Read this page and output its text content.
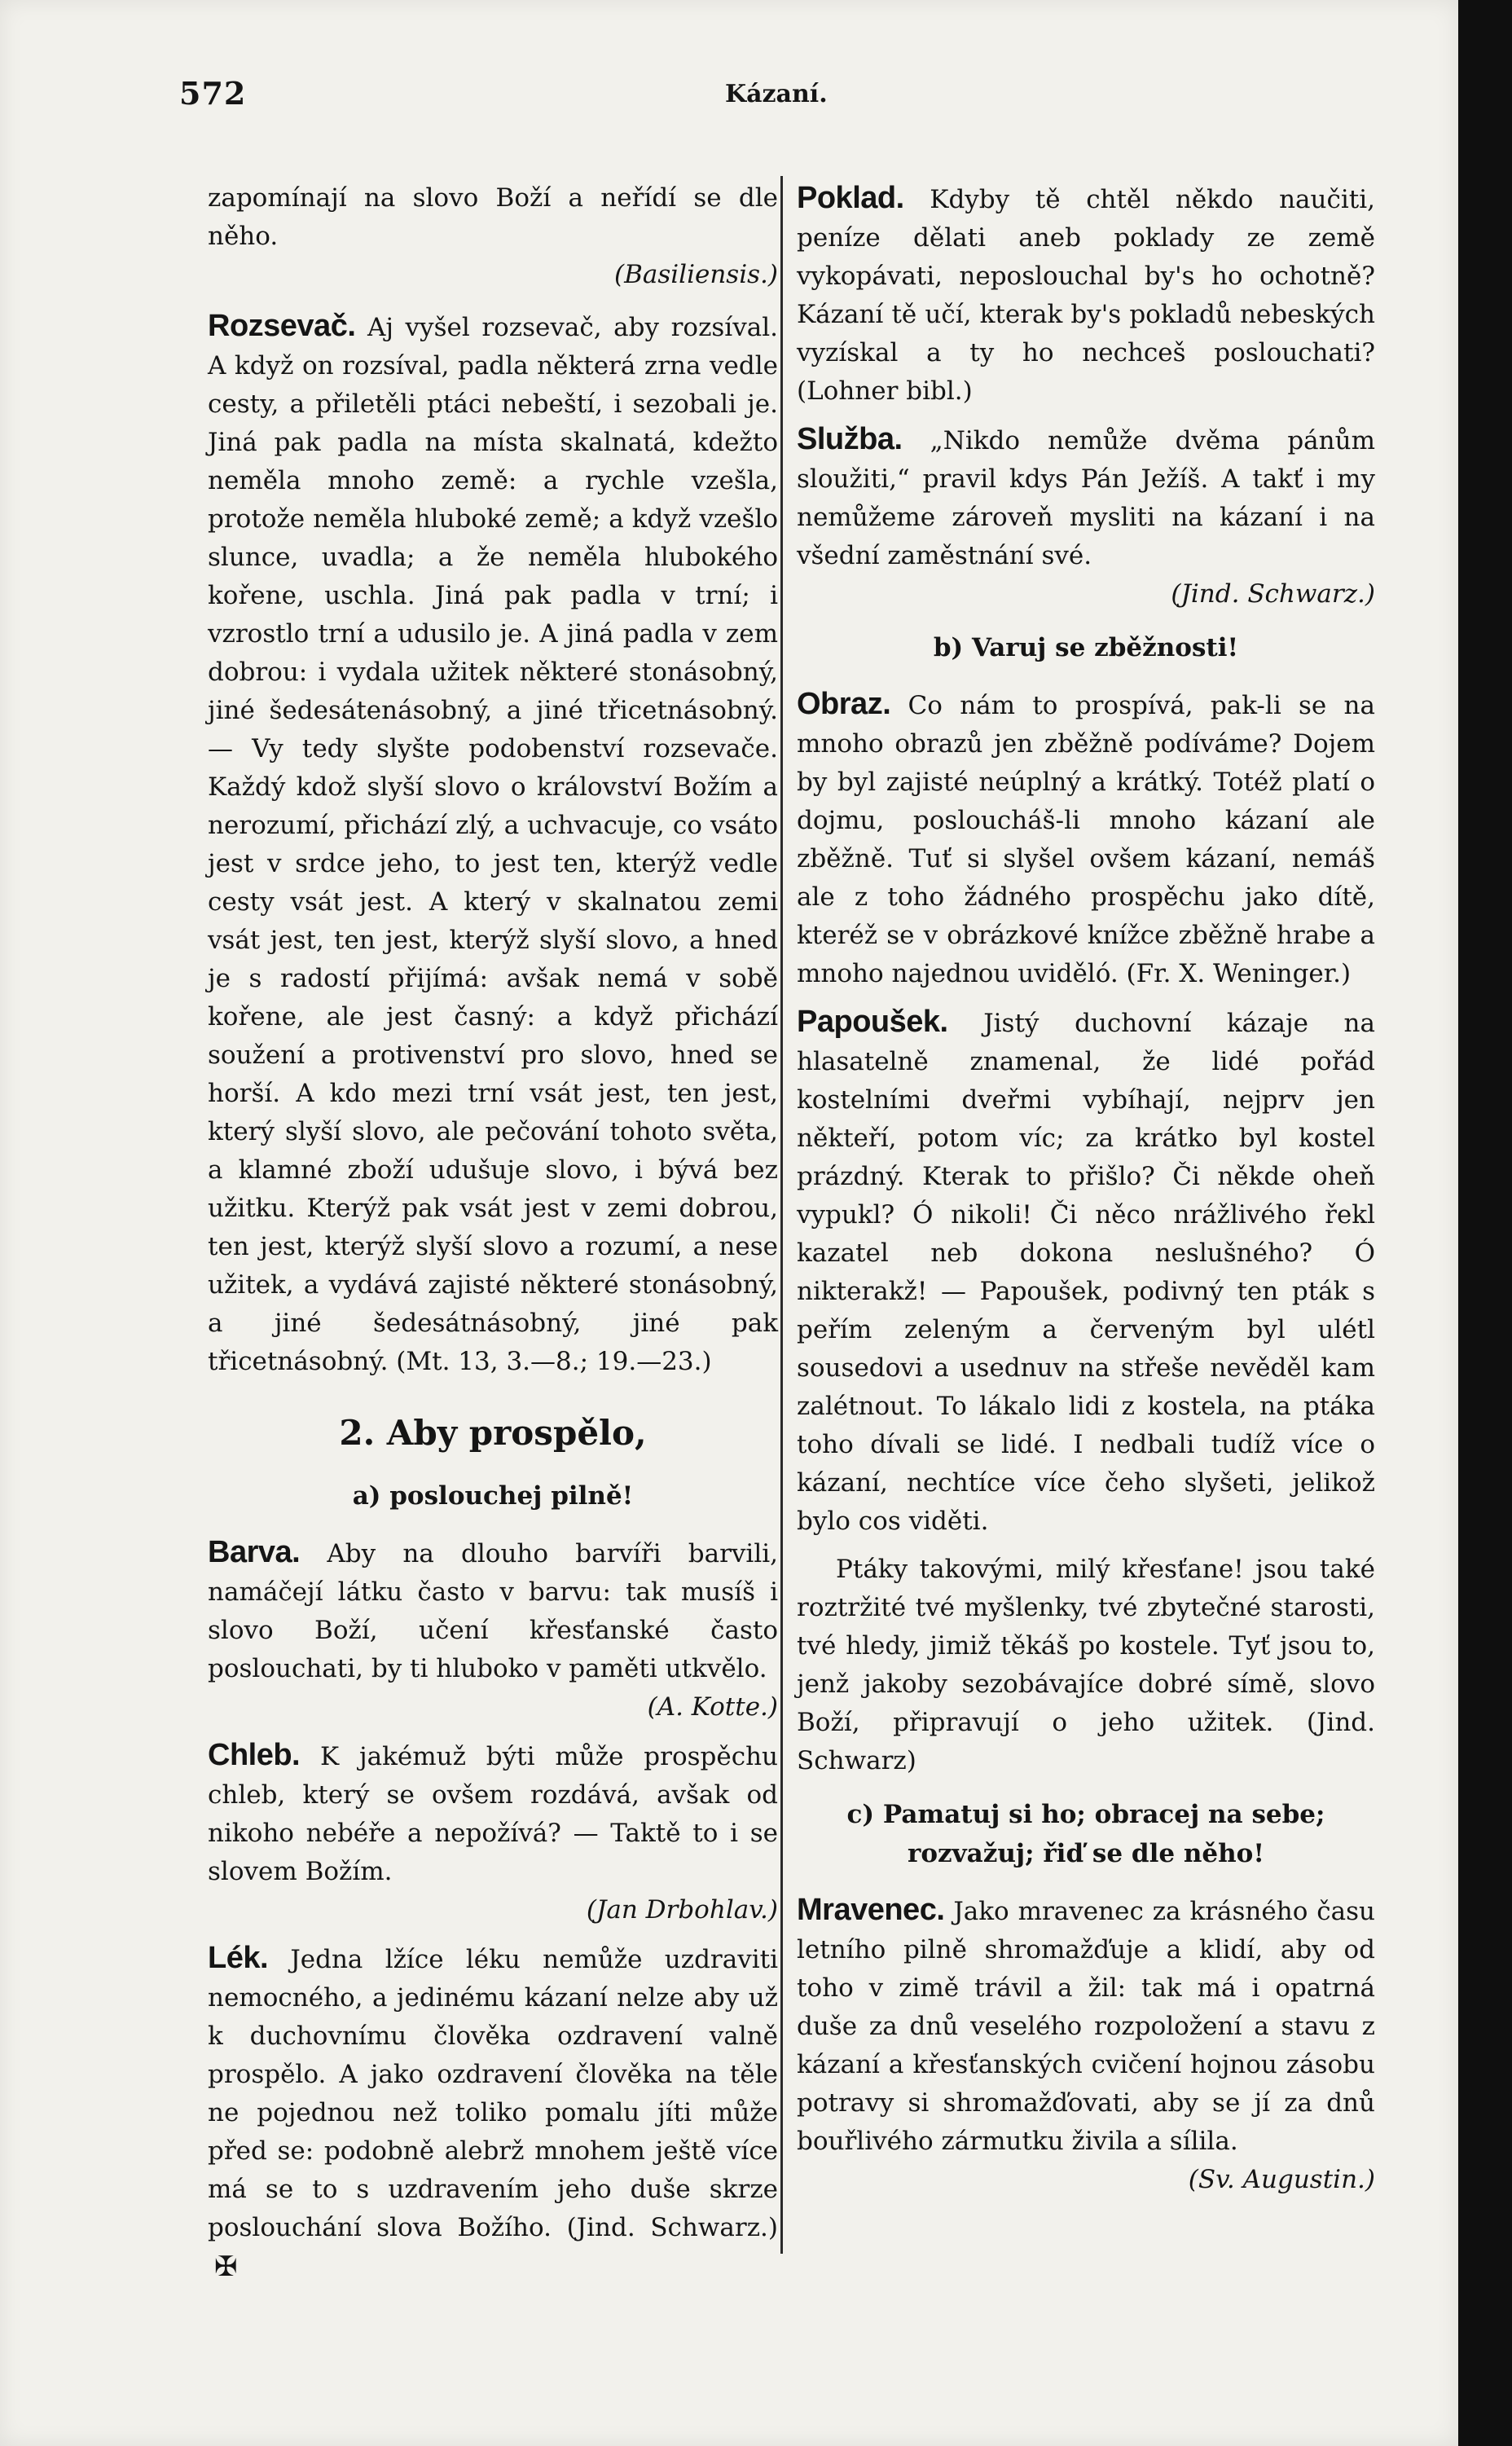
572	Kázaní.
zapomínají na slovo Boží a neřídí se dle něho.
(Basiliensis.)
Rozsevač. Aj vyšel rozsevač, aby rozsíval. A když on rozsíval, padla některá zrna vedle cesty, a přiletěli ptáci nebeští, i sezobali je. Jiná pak padla na místa skalnatá, kdežto neměla mnoho země: a rychle vzešla, protože neměla hluboké země; a když vzešlo slunce, uvadla; a že neměla hlubokého kořene, uschla. Jiná pak padla v trní; i vzrostlo trní a udusilo je. A jiná padla v zem dobrou: i vydala užitek některé stonásobný, jiné šedesátenásobný, a jiné třicetnásobný. — Vy tedy slyšte podobenství rozsevače. Každý kdož slyší slovo o království Božím a nerozumí, přichází zlý, a uchvacuje, co vsáto jest v srdce jeho, to jest ten, kterýž vedle cesty vsát jest. A který v skalnatou zemi vsát jest, ten jest, kterýž slyší slovo, a hned je s radostí přijímá: avšak nemá v sobě kořene, ale jest časný: a když přichází soužení a protivenství pro slovo, hned se horší. A kdo mezi trní vsát jest, ten jest, který slyší slovo, ale pečování tohoto světa, a klamné zboží udušuje slovo, i bývá bez užitku. Kterýž pak vsát jest v zemi dobrou, ten jest, kterýž slyší slovo a rozumí, a nese užitek, a vydává zajisté některé stonásobný, a jiné šedesátnásobný, jiné pak třicetnásobný. (Mt. 13, 3.—8.; 19.—23.)
2. Aby prospělo,
a) poslouchej pilně!
Barva. Aby na dlouho barvíři barvili, namáčejí látku často v barvu: tak musíš i slovo Boží, učení křesťanské často poslouchati, by ti hluboko v paměti utkvělo.
(A. Kotte.)
Chleb. K jakémuž býti může prospěchu chleb, který se ovšem rozdává, avšak od nikoho nebéře a nepožívá? — Taktě to i se slovem Božím.
(Jan Drbohlav.)
Lék. Jedna lžíce léku nemůže uzdraviti nemocného, a jedinému kázaní nelze aby už k duchovnímu člověka ozdravení valně prospělo. A jako ozdravení člověka na těle ne pojednou než toliko pomalu jíti může před se: podobně alebrž mnohem ještě více má se to s uzdravením jeho duše skrze poslouchání slova Božího. (Jind. Schwarz.) ✠
Poklad. Kdyby tě chtěl někdo naučiti, peníze dělati aneb poklady ze země vykopávati, neposlouchal by's ho ochotně? Kázaní tě učí, kterak by's pokladů nebeských vyzískal a ty ho nechceš poslouchati? (Lohner bibl.)
Služba. „Nikdo nemůže dvěma pánům sloužiti,“ pravil kdys Pán Ježíš. A takť i my nemůžeme zároveň mysliti na kázaní i na všední zaměstnání své.
(Jind. Schwarz.)
b) Varuj se zběžnosti!
Obraz. Co nám to prospívá, pak-li se na mnoho obrazů jen zběžně podíváme? Dojem by byl zajisté neúplný a krátký. Totéž platí o dojmu, posloucháš-li mnoho kázaní ale zběžně. Tuť si slyšel ovšem kázaní, nemáš ale z toho žádného prospěchu jako dítě, kteréž se v obrázkové knížce zběžně hrabe a mnoho najednou uviděló. (Fr. X. Weninger.)
Papoušek. Jistý duchovní kázaje na hlasatelně znamenal, že lidé pořád kostelními dveřmi vybíhají, nejprv jen někteří, potom víc; za krátko byl kostel prázdný. Kterak to přišlo? Či někde oheň vypukl? Ó nikoli! Či něco nrážlivého řekl kazatel neb dokona neslušného? Ó nikterakž! — Papoušek, podivný ten pták s peřím zeleným a červeným byl ulétl sousedovi a usednuv na střeše nevěděl kam zalétnout. To lákalo lidi z kostela, na ptáka toho dívali se lidé. I nedbali tudíž více o kázaní, nechtíce více čeho slyšeti, jelikož bylo cos viděti.
Ptáky takovými, milý křesťane! jsou také roztržité tvé myšlenky, tvé zbytečné starosti, tvé hledy, jimiž těkáš po kostele. Tyť jsou to, jenž jakoby sezobávajíce dobré símě, slovo Boží, připravují o jeho užitek. (Jind. Schwarz)
c) Pamatuj si ho; obracej na sebe; rozvažuj; řiď se dle něho!
Mravenec. Jako mravenec za krásného času letního pilně shromažďuje a klidí, aby od toho v zimě trávil a žil: tak má i opatrná duše za dnů veselého rozpoložení a stavu z kázaní a křesťanských cvičení hojnou zásobu potravy si shromažďovati, aby se jí za dnů bouřlivého zármutku živila a sílila.
(Sv. Augustin.)
